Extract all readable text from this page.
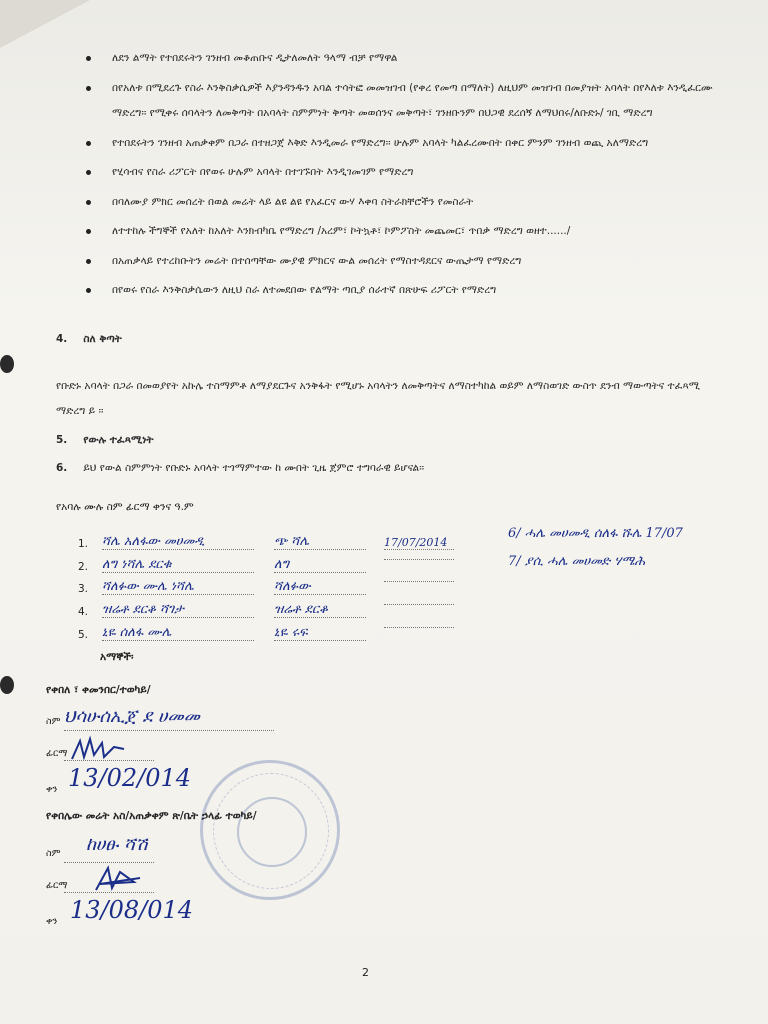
ለደን ልማት የተበደሩትን ገንዘብ መቆጠቡና ዲታለመለት ዓላማ ብቻ የማዋል
በየአለቱ በሚደረጉ የስራ እንቅስቃሴዎች እያንዳንዱን አባል ተሳትፎ መመዝገብ (የቀረ የመጣ በማለት) ለዚህም መዝገብ በመያዝት አባላት በየእለቱ እንዲፈርሙ ማድረግ፡፡ የሚቀሩ ሰባላትን ለመቅጣት በአባላት ስምምነት ቅጣት መወሰንና መቅጣት፣ ገንዘቡንም በህጋዊ ደረሰኝ ለማህበሩ/ለቡድኑ/ ገቢ ማድረግ
የተበደሩትን ገንዘብ አጠቃቀም በጋራ በተዘጋጀ እቅድ እንዲመራ የማድረግ፡፡ ሁሉም አባላት ካልፈረሙበት በቀር ምንም ገንዘብ ወጪ አለማድረግ
የሂሳብና የስራ ሪፖርት በየወሩ ሁሉም አባላት በተገኙበት እንዲገመገም የማድረግ
በባለሙያ ምክር መሰረት በወል መሬት ላይ ልዩ ልዩ የአፈርና ውሃ እቀባ ስትራክቸሮችን የመስራት
ለተተከሉ ችግኞች የአለት ከአለት እንክብካቤ የማድረግ /አረም፣ ኮትኳቶ፣ ኮምፖስት መጨመር፣ ጥበቃ ማድረግ ወዘተ....../
በአጠቃላይ የተረከቡትን መሬት በተሰጣቸው ሙያዊ ምክርና ውል መሰረት የማስተዳደርና ውጤታማ የማድረግ
በየወሩ የስራ እንቅስቃሴውን ለዚህ ስራ ለተመደበው የልማት ጣቢያ ሰራተኛ በጽሁፍ ሪፖርት የማድረግ
4. ስለ ቅጣት
የቡድኑ አባላት በጋራ በመወያየት አኩሌ ተስማምቶ ለማያደርጉና አንቅፋት የሚሆኑ አባላትን ለመቅጣትና ለማስተካከል ወይም ለማስወገድ ውስጥ ደንብ ማውጣትና ተፈጻሚ ማድረግ ይ ፡፡
5. የውሉ ተፈጻሚነት
6. ይህ የውል ስምምነት የቡድኑ አባላት ተጎማምተው ከ ሙበት ጊዜ ጀምሮ ተግባራዊ ይሆናል፡፡
የአባሉ ሙሉ ስም ፊርማ ቀንና ዓ.ም
1. ሻሌ አለፋው መሀመዲ	ጭ ሻሌ	17/07/2014
2. ለግ ነሻሌ ደርቁ	ለግ
3. ሻለፉው ሙሌ ነሻሌ	ሻለፉው
4. ዝሬቶ ደርቆ ሻገታ	ዝሬቶ ደርቆ
5. ኒዬ ሰለፋ ሙሌ	ኒዬ ሩፍ
6/ ሓሌ መሀመዲ ሰለፋ ሹሌ 17/07
7/ ያሲ ሓሌ መሀመድ ሃሜሕ
አማኞች፡
የቀበለ ፣ ቀመንበር/ተወካይ/
ስም ህሳሁሰኢጀ ደ ሀመመ
ፊርማ
ቀን 13/02/014
የቀበሌው መሬት አስ/አጠቃቀም ጽ/ቤት ኃላፊ ተወካይ/
ስም ከሀፁ ሻሽ
ፊርማ
ቀን 13/08/014
2
